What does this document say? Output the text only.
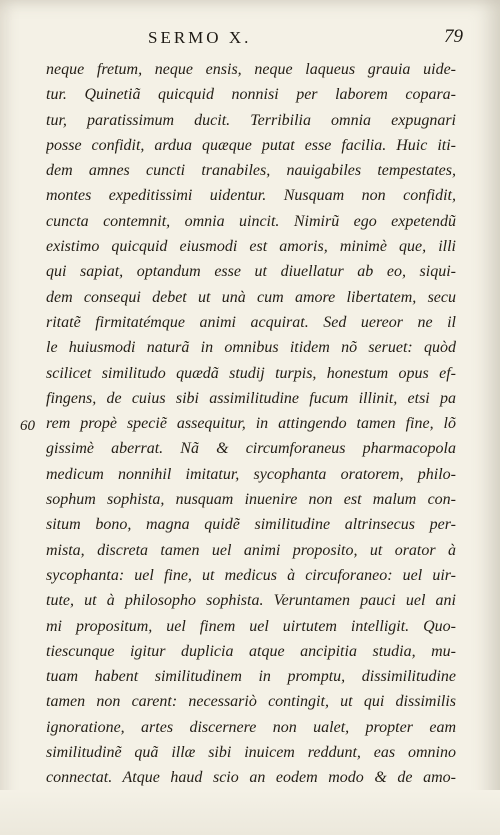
SERMO X.	79
60
neque fretum, neque ensis, neque laqueus grauia uide-
tur. Quinetiã quicquid nonnisi per laborem copara-
tur, paratissimum ducit. Terribilia omnia expugnari
posse confidit, ardua quæque putat esse facilia. Huic iti-
dem amnes cuncti tranabiles, nauigabiles tempestates,
montes expeditissimi uidentur. Nusquam non confidit,
cuncta contemnit, omnia uincit. Nimirũ ego expetendũ
existimo quicquid eiusmodi est amoris, minimè que, illi
qui sapiat, optandum esse ut diuellatur ab eo, siqui-
dem consequi debet ut unà cum amore libertatem, secu
ritatẽ firmitatémque animi acquirat. Sed uereor ne il
le huiusmodi naturã in omnibus itidem nõ seruet: quòd
scilicet similitudo quædã studij turpis, honestum opus ef-
fingens, de cuius sibi assimilitudine fucum illinit, etsi pa
rem propè speciẽ assequitur, in attingendo tamen fine, lõ
gissimè aberrat. Nã & circumforaneus pharmacopola
medicum nonnihil imitatur, sycophanta oratorem, philo-
sophum sophista, nusquam inuenire non est malum con-
situm bono, magna quidẽ similitudine altrinsecus per-
mista, discreta tamen uel animi proposito, ut orator à
sycophanta: uel fine, ut medicus à circuforaneo: uel uir-
tute, ut à philosopho sophista. Veruntamen pauci uel ani
mi propositum, uel finem uel uirtutem intelligit. Quo-
tiescunque igitur duplicia atque ancipitia studia, mu-
tuam habent similitudinem in promptu, dissimilitudine
tamen non carent: necessariò contingit, ut qui dissimilis
ignoratione, artes discernere non ualet, propter eam
similitudinẽ quã illæ sibi inuicem reddunt, eas omnino
connectat. Atque haud scio an eodem modo & de amo-
